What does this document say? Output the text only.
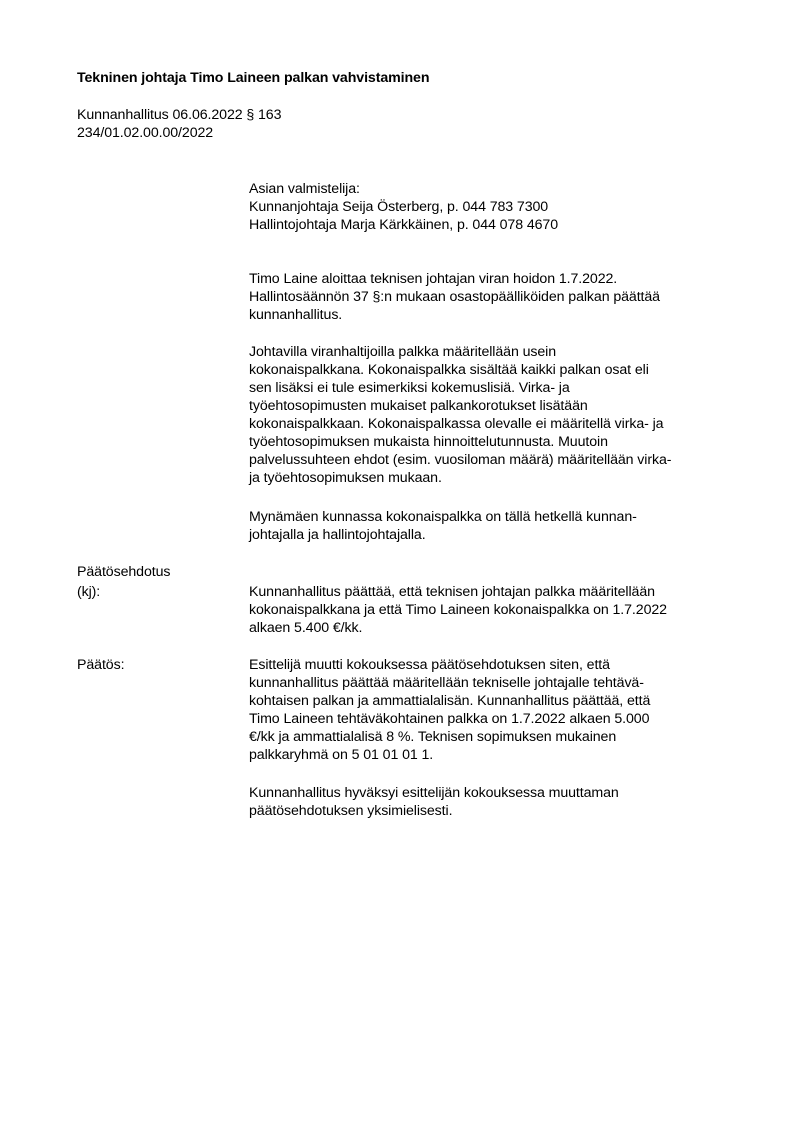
Tekninen johtaja Timo Laineen palkan vahvistaminen
Kunnanhallitus 06.06.2022 § 163
234/01.02.00.00/2022
Asian valmistelija:
Kunnanjohtaja Seija Österberg, p. 044 783 7300
Hallintojohtaja Marja Kärkkäinen, p. 044 078 4670
Timo Laine aloittaa teknisen johtajan viran hoidon 1.7.2022.
Hallintosäännön 37 §:n mukaan osastopäälliköiden palkan päättää
kunnanhallitus.
Johtavilla viranhaltijoilla palkka määritellään usein
kokonaispalkkana. Kokonaispalkka sisältää kaikki palkan osat eli
sen lisäksi ei tule esimerkiksi kokemuslisiä. Virka- ja
työehtosopimusten mukaiset palkankorotukset lisätään
kokonaispalkkaan. Kokonaispalkassa olevalle ei määritellä virka- ja
työehtosopimuksen mukaista hinnoittelutunnusta. Muutoin
palvelussuhteen ehdot (esim. vuosiloman määrä) määritellään virka-
ja työehtosopimuksen mukaan.
Mynämäen kunnassa kokonaispalkka on tällä hetkellä kunnan-
johtajalla ja hallintojohtajalla.
Päätösehdotus
(kj):	Kunnanhallitus päättää, että teknisen johtajan palkka määritellään
kokonaispalkkana ja että Timo Laineen kokonaispalkka on 1.7.2022
alkaen 5.400 €/kk.
Päätös:	Esittelijä muutti kokouksessa päätösehdotuksen siten, että
kunnanhallitus päättää määritellään tekniselle johtajalle tehtävä-
kohtaisen palkan ja ammattialalisän. Kunnanhallitus päättää, että
Timo Laineen tehtäväkohtainen palkka on 1.7.2022 alkaen 5.000
€/kk ja ammattialalisä 8 %. Teknisen sopimuksen mukainen
palkkaryhmä on 5 01 01 01 1.
Kunnanhallitus hyväksyi esittelijän kokouksessa muuttaman
päätösehdotuksen yksimielisesti.
